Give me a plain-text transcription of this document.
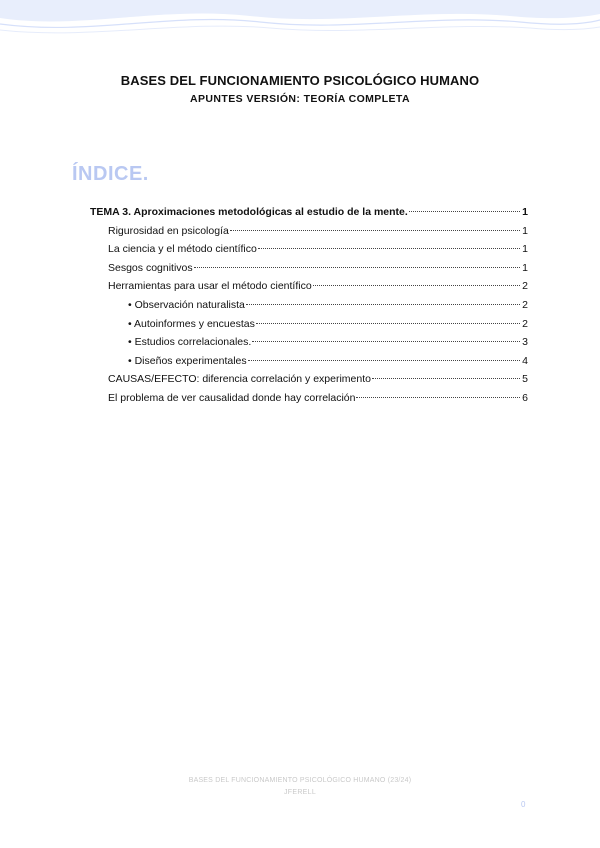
BASES DEL FUNCIONAMIENTO PSICOLÓGICO HUMANO
APUNTES VERSIÓN: TEORÍA COMPLETA
ÍNDICE.
TEMA 3. Aproximaciones metodológicas al estudio de la mente.	1
Rigurosidad en psicología	1
La ciencia y el método científico	1
Sesgos cognitivos	1
Herramientas para usar el método científico	2
• Observación naturalista	2
• Autoinformes y encuestas	2
• Estudios correlacionales.	3
• Diseños experimentales	4
CAUSAS/EFECTO: diferencia correlación y experimento	5
El problema de ver causalidad donde hay correlación	6
BASES DEL FUNCIONAMIENTO PSICOLÓGICO HUMANO (23/24)
JFERELL
0
